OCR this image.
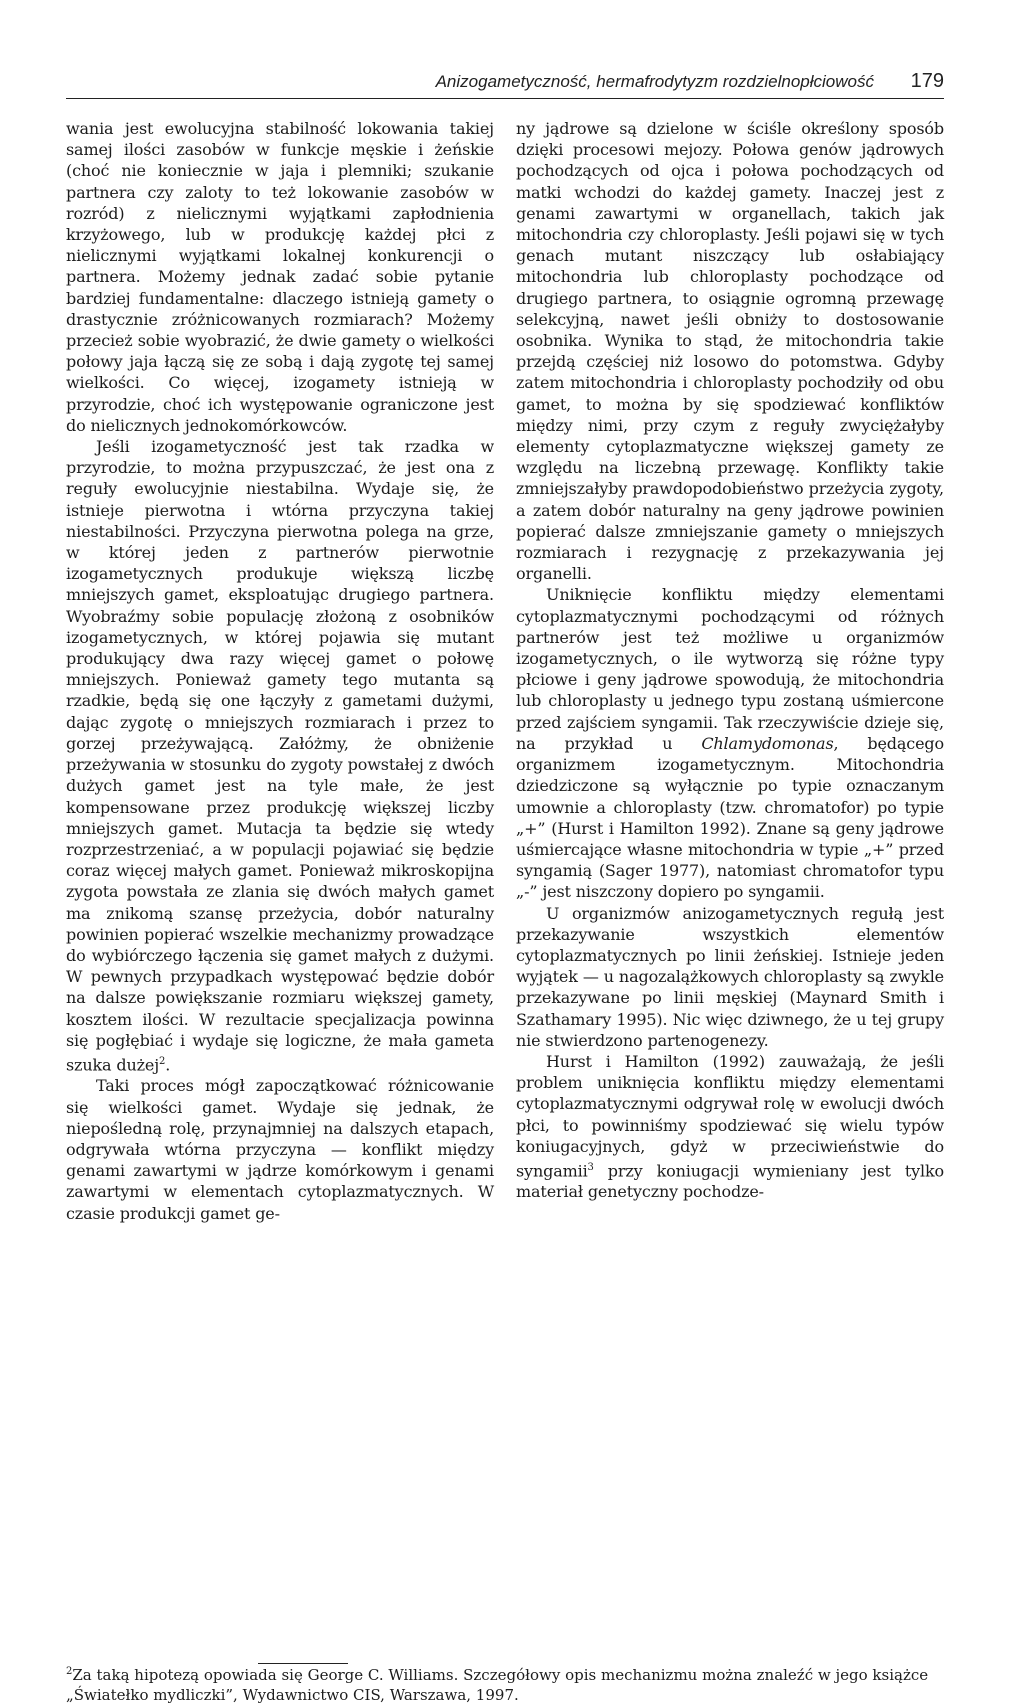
Anizogametyczność, hermafrodytyzm rozdzielnopłciowość 179

wania jest ewolucyjna stabilność lokowania takiej samej ilości zasobów w funkcje męskie i żeńskie (choć nie koniecznie w jaja i plemniki; szukanie partnera czy zaloty to też lokowanie zasobów w rozród) z nielicznymi wyjątkami zapłodnienia krzyżowego, lub w produkcję każdej płci z nielicznymi wyjątkami lokalnej konkurencji o partnera. Możemy jednak zadać sobie pytanie bardziej fundamentalne: dlaczego istnieją gamety o drastycznie zróżnicowanych rozmiarach? Możemy przecież sobie wyobrazić, że dwie gamety o wielkości połowy jaja łączą się ze sobą i dają zygotę tej samej wielkości. Co więcej, izogamety istnieją w przyrodzie, choć ich występowanie ograniczone jest do nielicznych jednokomórkowców.

Jeśli izogametyczność jest tak rzadka w przyrodzie, to można przypuszczać, że jest ona z reguły ewolucyjnie niestabilna. Wydaje się, że istnieje pierwotna i wtórna przyczyna takiej niestabilności. Przyczyna pierwotna polega na grze, w której jeden z partnerów pierwotnie izogametycznych produkuje większą liczbę mniejszych gamet, eksploatując drugiego partnera. Wyobraźmy sobie populację złożoną z osobników izogametycznych, w której pojawia się mutant produkujący dwa razy więcej gamet o połowę mniejszych. Ponieważ gamety tego mutanta są rzadkie, będą się one łączyły z gametami dużymi, dając zygotę o mniejszych rozmiarach i przez to gorzej przeżywającą. Załóżmy, że obniżenie przeżywania w stosunku do zygoty powstałej z dwóch dużych gamet jest na tyle małe, że jest kompensowane przez produkcję większej liczby mniejszych gamet. Mutacja ta będzie się wtedy rozprzestrzeniać, a w populacji pojawiać się będzie coraz więcej małych gamet. Ponieważ mikroskopijna zygota powstała ze zlania się dwóch małych gamet ma znikomą szansę przeżycia, dobór naturalny powinien popierać wszelkie mechanizmy prowadzące do wybiórczego łączenia się gamet małych z dużymi. W pewnych przypadkach występować będzie dobór na dalsze powiększanie rozmiaru większej gamety, kosztem ilości. W rezultacie specjalizacja powinna się pogłębiać i wydaje się logiczne, że mała gameta szuka dużej$^2$.

Taki proces mógł zapoczątkować różnicowanie się wielkości gamet. Wydaje się jednak, że niepośledną rolę, przynajmniej na dalszych etapach, odgrywała wtórna przyczyna — konflikt między genami zawartymi w jądrze komórkowym i genami zawartymi w elementach cytoplazmatycznych. W czasie produkcji gamet ge-

ny jądrowe są dzielone w ściśle określony sposób dzięki procesowi mejozy. Połowa genów jądrowych pochodzących od ojca i połowa pochodzących od matki wchodzi do każdej gamety. Inaczej jest z genami zawartymi w organellach, takich jak mitochondria czy chloroplasty. Jeśli pojawi się w tych genach mutant niszczący lub osłabiający mitochondria lub chloroplasty pochodzące od drugiego partnera, to osiągnie ogromną przewagę selekcyjną, nawet jeśli obniży to dostosowanie osobnika. Wynika to stąd, że mitochondria takie przejdą częściej niż losowo do potomstwa. Gdyby zatem mitochondria i chloroplasty pochodziły od obu gamet, to można by się spodziewać konfliktów między nimi, przy czym z reguły zwyciężałyby elementy cytoplazmatyczne większej gamety ze względu na liczebną przewagę. Konflikty takie zmniejszałyby prawdopodobieństwo przeżycia zygoty, a zatem dobór naturalny na geny jądrowe powinien popierać dalsze zmniejszanie gamety o mniejszych rozmiarach i rezygnację z przekazywania jej organelli.

Uniknięcie konfliktu między elementami cytoplazmatycznymi pochodzącymi od różnych partnerów jest też możliwe u organizmów izogametycznych, o ile wytworzą się różne typy płciowe i geny jądrowe spowodują, że mitochondria lub chloroplasty u jednego typu zostaną uśmiercone przed zajściem syngamii. Tak rzeczywiście dzieje się, na przykład u Chlamydomonas, będącego organizmem izogametycznym. Mitochondria dziedziczone są wyłącznie po typie oznaczanym umownie a chloroplasty (tzw. chromatofor) po typie „+” (Hurst i Hamilton 1992). Znane są geny jądrowe uśmiercające własne mitochondria w typie „+” przed syngamią (Sager 1977), natomiast chromatofor typu „-” jest niszczony dopiero po syngamii.

U organizmów anizogametycznych regułą jest przekazywanie wszystkich elementów cytoplazmatycznych po linii żeńskiej. Istnieje jeden wyjątek — u nagozalążkowych chloroplasty są zwykle przekazywane po linii męskiej (Maynard Smith i Szathamary 1995). Nic więc dziwnego, że u tej grupy nie stwierdzono partenogenezy.

Hurst i Hamilton (1992) zauważają, że jeśli problem uniknięcia konfliktu między elementami cytoplazmatycznymi odgrywał rolę w ewolucji dwóch płci, to powinniśmy spodziewać się wielu typów koniugacyjnych, gdyż w przeciwieństwie do syngamii$^3$ przy koniugacji wymieniany jest tylko materiał genetyczny pochodze-

$^2$Za taką hipotezą opowiada się George C. Williams. Szczegółowy opis mechanizmu można znaleźć w jego książce „Światełko mydliczki”, Wydawnictwo CIS, Warszawa, 1997.
